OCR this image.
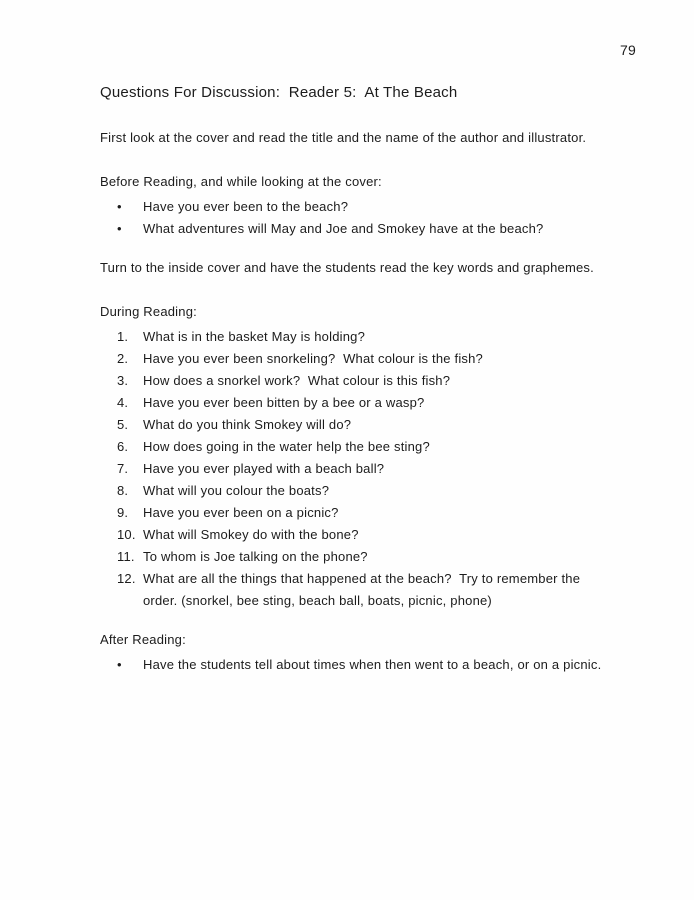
79
Questions For Discussion:  Reader 5:  At The Beach

First look at the cover and read the title and the name of the author and illustrator.

Before Reading, and while looking at the cover:
•	Have you ever been to the beach?
•	What adventures will May and Joe and Smokey have at the beach?

Turn to the inside cover and have the students read the key words and graphemes.

During Reading:
1.	What is in the basket May is holding?
2.	Have you ever been snorkeling?  What colour is the fish?
3.	How does a snorkel work?  What colour is this fish?
4.	Have you ever been bitten by a bee or a wasp?
5.	What do you think Smokey will do?
6.	How does going in the water help the bee sting?
7.	Have you ever played with a beach ball?
8.	What will you colour the boats?
9.	Have you ever been on a picnic?
10. What will Smokey do with the bone?
11. To whom is Joe talking on the phone?
12. What are all the things that happened at the beach?  Try to remember the order. (snorkel, bee sting, beach ball, boats, picnic, phone)
After Reading:
•	Have the students tell about times when then went to a beach, or on a picnic.
